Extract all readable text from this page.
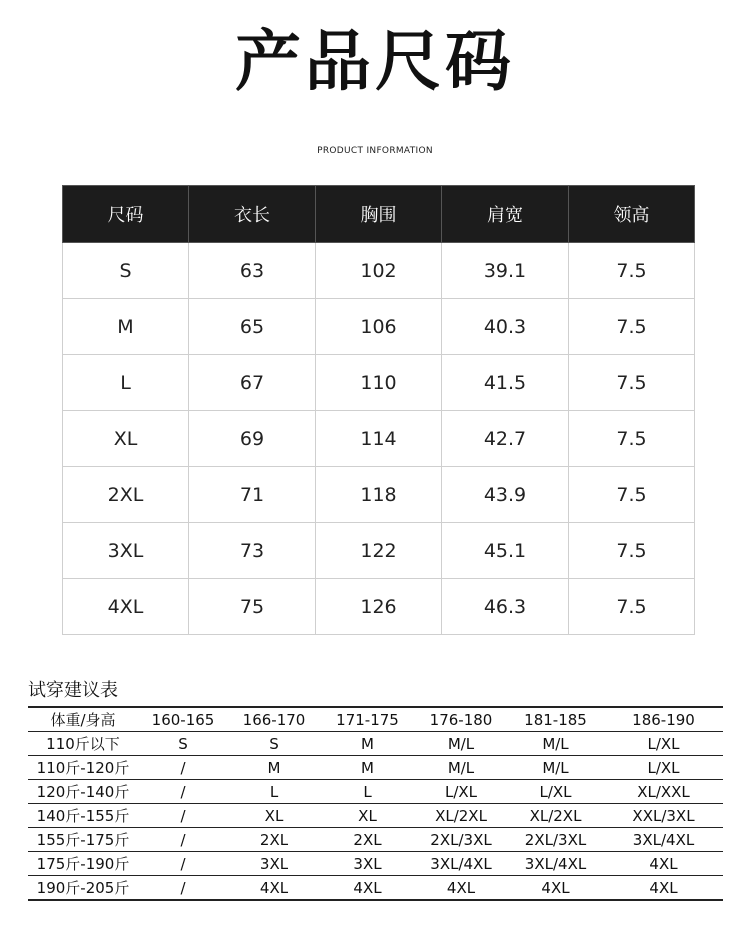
产品尺码
PRODUCT INFORMATION
尺码	衣长	胸围	肩宽	领高
S	63	102	39.1	7.5
M	65	106	40.3	7.5
L	67	110	41.5	7.5
XL	69	114	42.7	7.5
2XL	71	118	43.9	7.5
3XL	73	122	45.1	7.5
4XL	75	126	46.3	7.5
试穿建议表
体重/身高	160-165	166-170	171-175	176-180	181-185	186-190
110斤以下	S	S	M	M/L	M/L	L/XL
110斤-120斤	/	M	M	M/L	M/L	L/XL
120斤-140斤	/	L	L	L/XL	L/XL	XL/XXL
140斤-155斤	/	XL	XL	XL/2XL	XL/2XL	XXL/3XL
155斤-175斤	/	2XL	2XL	2XL/3XL	2XL/3XL	3XL/4XL
175斤-190斤	/	3XL	3XL	3XL/4XL	3XL/4XL	4XL
190斤-205斤	/	4XL	4XL	4XL	4XL	4XL
